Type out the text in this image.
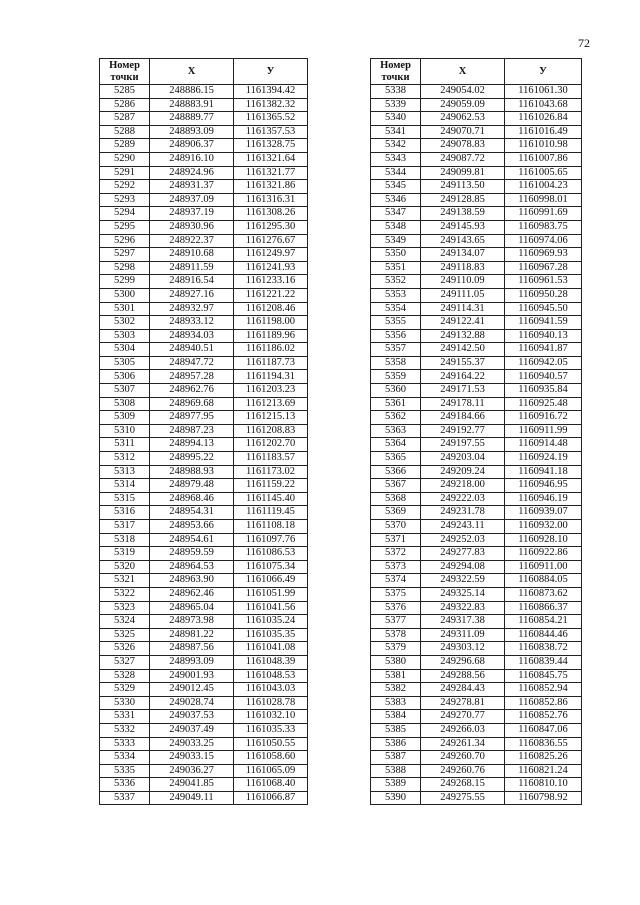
72
Номер
точки	X	У
5285	248886.15	1161394.42
5286	248883.91	1161382.32
5287	248889.77	1161365.52
5288	248893.09	1161357.53
5289	248906.37	1161328.75
5290	248916.10	1161321.64
5291	248924.96	1161321.77
5292	248931.37	1161321.86
5293	248937.09	1161316.31
5294	248937.19	1161308.26
5295	248930.96	1161295.30
5296	248922.37	1161276.67
5297	248910.68	1161249.97
5298	248911.59	1161241.93
5299	248916.54	1161233.16
5300	248927.16	1161221.22
5301	248932.97	1161208.46
5302	248933.12	1161198.00
5303	248934.03	1161189.96
5304	248940.51	1161186.02
5305	248947.72	1161187.73
5306	248957.28	1161194.31
5307	248962.76	1161203.23
5308	248969.68	1161213.69
5309	248977.95	1161215.13
5310	248987.23	1161208.83
5311	248994.13	1161202.70
5312	248995.22	1161183.57
5313	248988.93	1161173.02
5314	248979.48	1161159.22
5315	248968.46	1161145.40
5316	248954.31	1161119.45
5317	248953.66	1161108.18
5318	248954.61	1161097.76
5319	248959.59	1161086.53
5320	248964.53	1161075.34
5321	248963.90	1161066.49
5322	248962.46	1161051.99
5323	248965.04	1161041.56
5324	248973.98	1161035.24
5325	248981.22	1161035.35
5326	248987.56	1161041.08
5327	248993.09	1161048.39
5328	249001.93	1161048.53
5329	249012.45	1161043.03
5330	249028.74	1161028.78
5331	249037.53	1161032.10
5332	249037.49	1161035.33
5333	249033.25	1161050.55
5334	249033.15	1161058.60
5335	249036.27	1161065.09
5336	249041.85	1161068.40
5337	249049.11	1161066.87
Номер
точки	X	У
5338	249054.02	1161061.30
5339	249059.09	1161043.68
5340	249062.53	1161026.84
5341	249070.71	1161016.49
5342	249078.83	1161010.98
5343	249087.72	1161007.86
5344	249099.81	1161005.65
5345	249113.50	1161004.23
5346	249128.85	1160998.01
5347	249138.59	1160991.69
5348	249145.93	1160983.75
5349	249143.65	1160974.06
5350	249134.07	1160969.93
5351	249118.83	1160967.28
5352	249110.09	1160961.53
5353	249111.05	1160950.28
5354	249114.31	1160945.50
5355	249122.41	1160941.59
5356	249132.88	1160940.13
5357	249142.50	1160941.87
5358	249155.37	1160942.05
5359	249164.22	1160940.57
5360	249171.53	1160935.84
5361	249178.11	1160925.48
5362	249184.66	1160916.72
5363	249192.77	1160911.99
5364	249197.55	1160914.48
5365	249203.04	1160924.19
5366	249209.24	1160941.18
5367	249218.00	1160946.95
5368	249222.03	1160946.19
5369	249231.78	1160939.07
5370	249243.11	1160932.00
5371	249252.03	1160928.10
5372	249277.83	1160922.86
5373	249294.08	1160911.00
5374	249322.59	1160884.05
5375	249325.14	1160873.62
5376	249322.83	1160866.37
5377	249317.38	1160854.21
5378	249311.09	1160844.46
5379	249303.12	1160838.72
5380	249296.68	1160839.44
5381	249288.56	1160845.75
5382	249284.43	1160852.94
5383	249278.81	1160852.86
5384	249270.77	1160852.76
5385	249266.03	1160847.06
5386	249261.34	1160836.55
5387	249260.70	1160825.26
5388	249260.76	1160821.24
5389	249268.15	1160810.10
5390	249275.55	1160798.92
